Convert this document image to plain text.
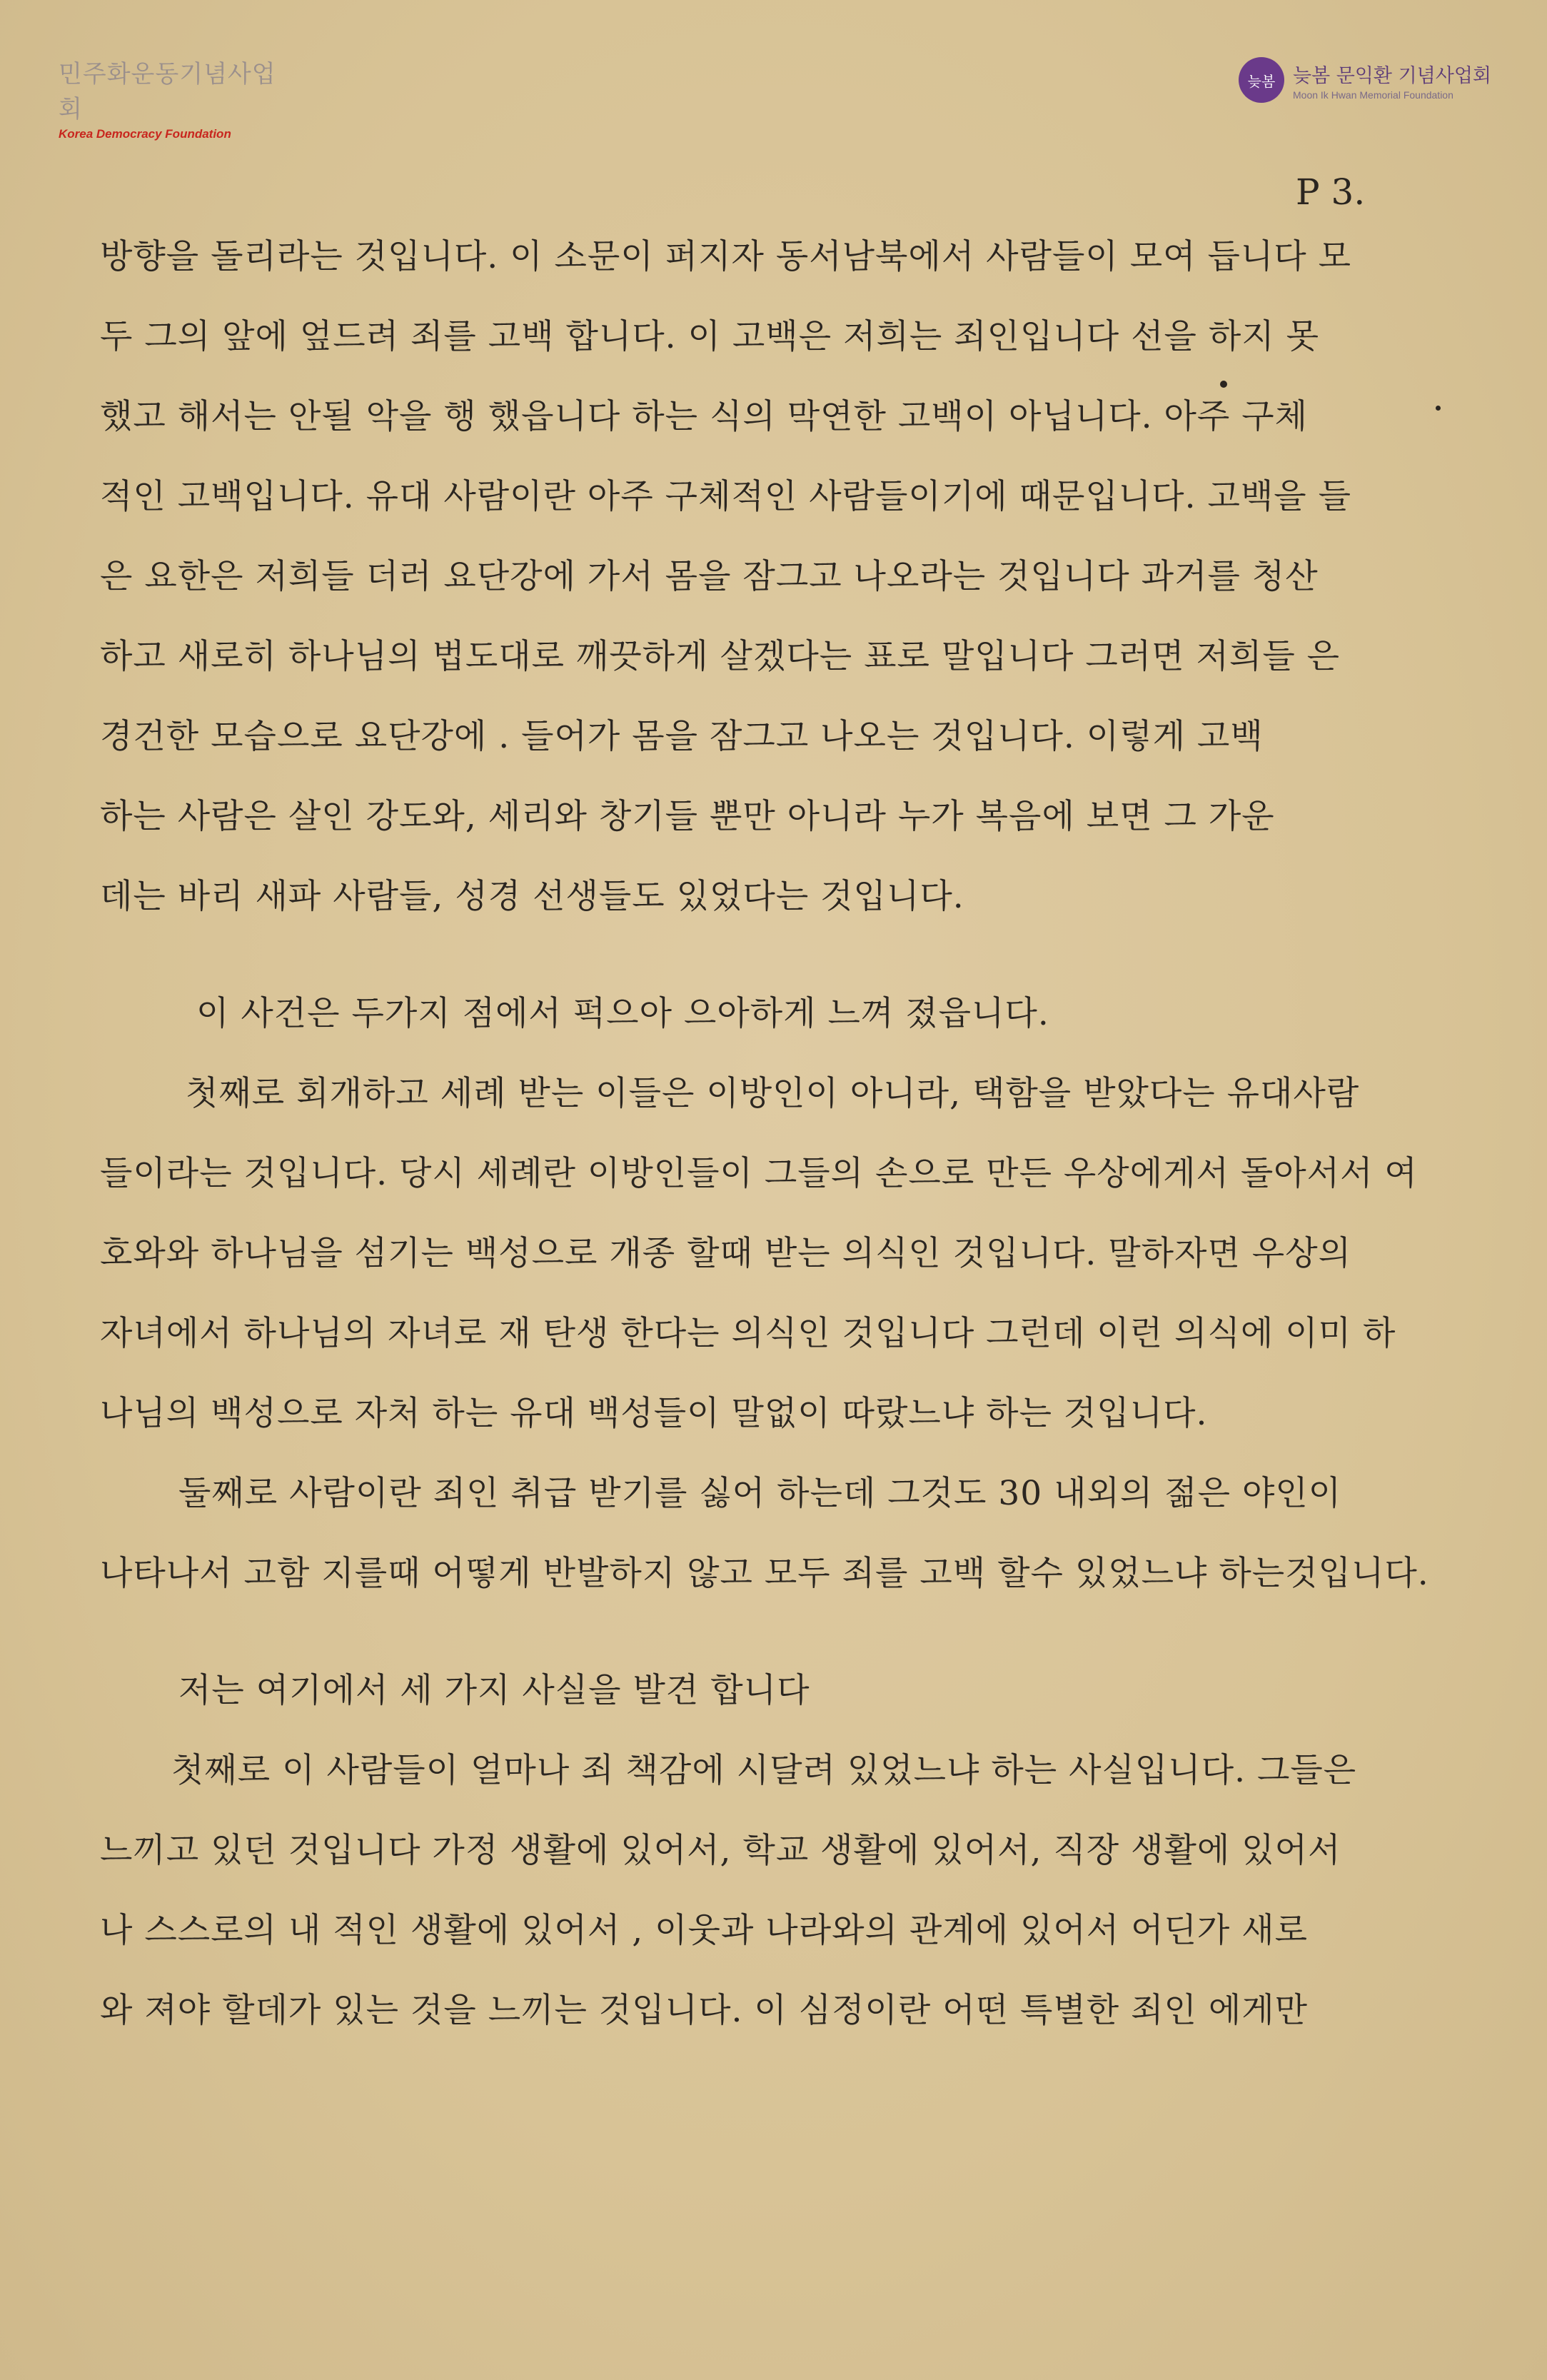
민주화운동기념사업회
Korea Democracy Foundation
늦봄 늦봄 문익환 기념사업회
Moon Ik Hwan Memorial Foundation
P 3.
방향을 돌리라는 것입니다. 이 소문이 퍼지자 동서남북에서 사람들이 모여 듭니다 모
두 그의 앞에 엎드려 죄를 고백 합니다. 이 고백은 저희는 죄인입니다 선을 하지 못
했고 해서는 안될 악을 행 했읍니다 하는 식의 막연한 고백이 아닙니다. 아주 구체
적인 고백입니다. 유대 사람이란 아주 구체적인 사람들이기에 때문입니다. 고백을 들
은 요한은 저희들 더러 요단강에 가서 몸을 잠그고 나오라는 것입니다 과거를 청산
하고 새로히 하나님의 법도대로 깨끗하게 살겠다는 표로 말입니다 그러면 저희들 은
경건한 모습으로 요단강에 . 들어가 몸을 잠그고 나오는 것입니다. 이렇게 고백
하는 사람은 살인 강도와, 세리와 창기들 뿐만 아니라 누가 복음에 보면 그 가운
데는 바리 새파 사람들, 성경 선생들도 있었다는 것입니다.
이 사건은 두가지 점에서 퍽으아 으아하게 느껴 졌읍니다.
첫째로 회개하고 세례 받는 이들은 이방인이 아니라, 택함을 받았다는 유대사람
들이라는 것입니다. 당시 세례란 이방인들이 그들의 손으로 만든 우상에게서 돌아서서 여
호와와 하나님을 섬기는 백성으로 개종 할때 받는 의식인 것입니다. 말하자면 우상의
자녀에서 하나님의 자녀로 재 탄생 한다는 의식인 것입니다 그런데 이런 의식에 이미 하
나님의 백성으로 자처 하는 유대 백성들이 말없이 따랐느냐 하는 것입니다.
둘째로 사람이란 죄인 취급 받기를 싫어 하는데 그것도 30 내외의 젊은 야인이
나타나서 고함 지를때 어떻게 반발하지 않고 모두 죄를 고백 할수 있었느냐 하는것입니다.
저는 여기에서 세 가지 사실을 발견 합니다
첫째로 이 사람들이 얼마나 죄 책감에 시달려 있었느냐 하는 사실입니다. 그들은
느끼고 있던 것입니다 가정 생활에 있어서, 학교 생활에 있어서, 직장 생활에 있어서
나 스스로의 내 적인 생활에 있어서 , 이웃과 나라와의 관계에 있어서 어딘가 새로
와 져야 할데가 있는 것을 느끼는 것입니다. 이 심정이란 어떤 특별한 죄인 에게만
